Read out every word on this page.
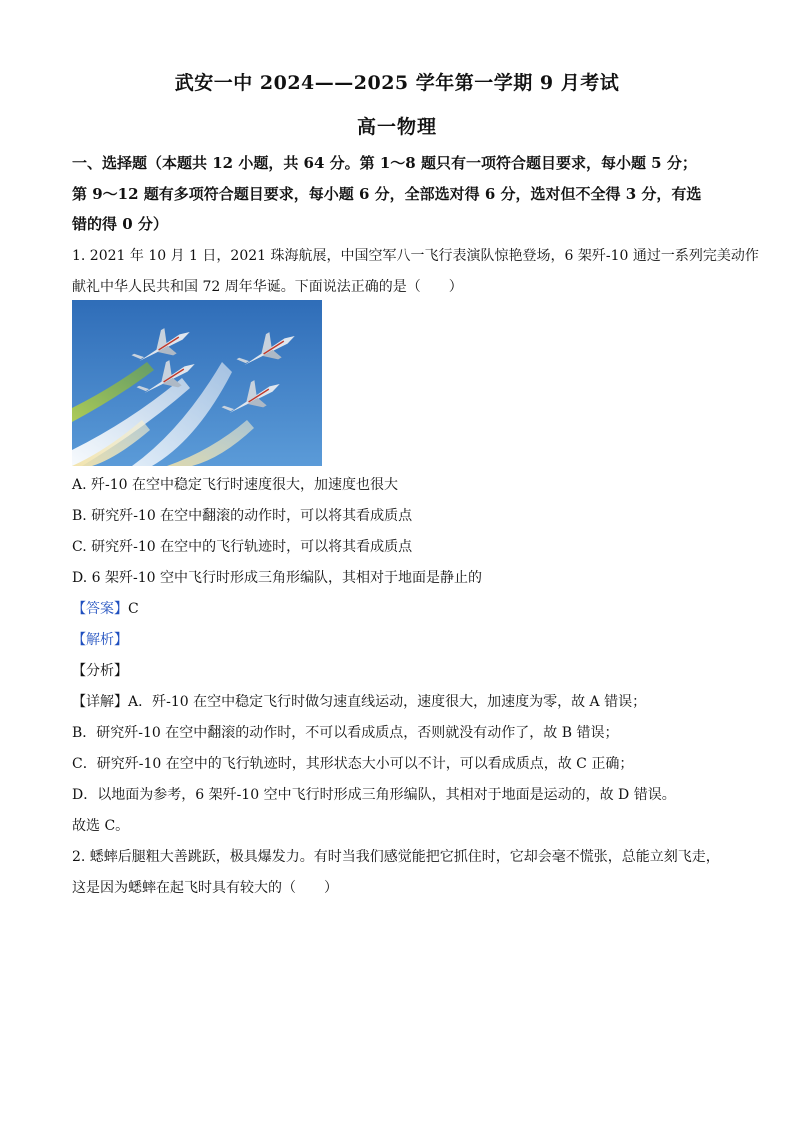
武安一中 2024——2025 学年第一学期 9 月考试
高一物理
一、选择题（本题共 12 小题，共 64 分。第 1～8 题只有一项符合题目要求，每小题 5 分；
第 9～12 题有多项符合题目要求，每小题 6 分，全部选对得 6 分，选对但不全得 3 分，有选
错的得 0 分）
1. 2021 年 10 月 1 日，2021 珠海航展，中国空军八一飞行表演队惊艳登场，6 架歼-10 通过一系列完美动作
献礼中华人民共和国 72 周年华诞。下面说法正确的是（　　）
A. 歼-10 在空中稳定飞行时速度很大，加速度也很大
B. 研究歼-10 在空中翻滚的动作时，可以将其看成质点
C. 研究歼-10 在空中的飞行轨迹时，可以将其看成质点
D. 6 架歼-10 空中飞行时形成三角形编队，其相对于地面是静止的
【答案】C
【解析】
【分析】
【详解】A．歼-10 在空中稳定飞行时做匀速直线运动，速度很大，加速度为零，故 A 错误；
B．研究歼-10 在空中翻滚的动作时，不可以看成质点，否则就没有动作了，故 B 错误；
C．研究歼-10 在空中的飞行轨迹时，其形状态大小可以不计，可以看成质点，故 C 正确；
D．以地面为参考，6 架歼-10 空中飞行时形成三角形编队，其相对于地面是运动的，故 D 错误。
故选 C。
2. 蟋蟀后腿粗大善跳跃，极具爆发力。有时当我们感觉能把它抓住时，它却会毫不慌张，总能立刻飞走，
这是因为蟋蟀在起飞时具有较大的（　　）
